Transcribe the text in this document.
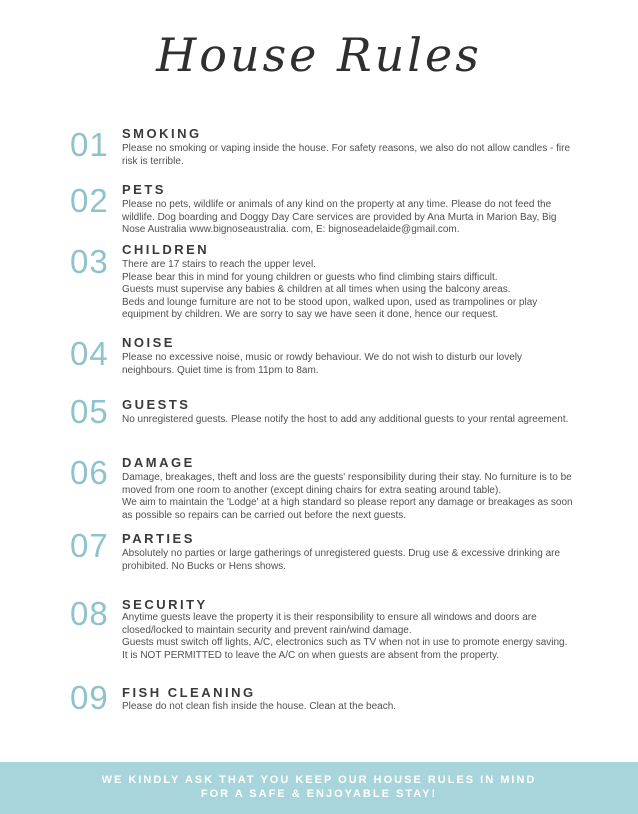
House Rules
01	SMOKING

Please no smoking or vaping inside the house. For safety reasons, we also do not allow candles - fire risk is terrible.

02	PETS

Please no pets, wildlife or animals of any kind on the property at any time. Please do not feed the wildlife. Dog boarding and Doggy Day Care services are provided by Ana Murta in Marion Bay, Big Nose Australia www.bignoseaustralia. com, E: bignoseadelaide@gmail.com.

03	CHILDREN

There are 17 stairs to reach the upper level.

Please bear this in mind for young children or guests who find climbing stairs difficult.

Guests must supervise any babies & children at all times when using the balcony areas.

Beds and lounge furniture are not to be stood upon, walked upon, used as trampolines or play equipment by children. We are sorry to say we have seen it done, hence our request.

04	NOISE

Please no excessive noise, music or rowdy behaviour. We do not wish to disturb our lovely neighbours. Quiet time is from 11pm to 8am.

05	GUESTS

No unregistered guests. Please notify the host to add any additional guests to your rental agreement.

06	DAMAGE

Damage, breakages, theft and loss are the guests' responsibility during their stay. No furniture is to be moved from one room to another (except dining chairs for extra seating around table).

We aim to maintain the 'Lodge' at a high standard so please report any damage or breakages as soon as possible so repairs can be carried out before the next guests.

07	PARTIES

Absolutely no parties or large gatherings of unregistered guests. Drug use & excessive drinking are prohibited. No Bucks or Hens shows.

08	SECURITY

Anytime guests leave the property it is their responsibility to ensure all windows and doors are closed/locked to maintain security and prevent rain/wind damage.

Guests must switch off lights, A/C, electronics such as TV when not in use to promote energy saving.

It is NOT PERMITTED to leave the A/C on when guests are absent from the property.

09	FISH CLEANING

Please do not clean fish inside the house. Clean at the beach.

WE KINDLY ASK THAT YOU KEEP OUR HOUSE RULES IN MIND
FOR A SAFE & ENJOYABLE STAY!
